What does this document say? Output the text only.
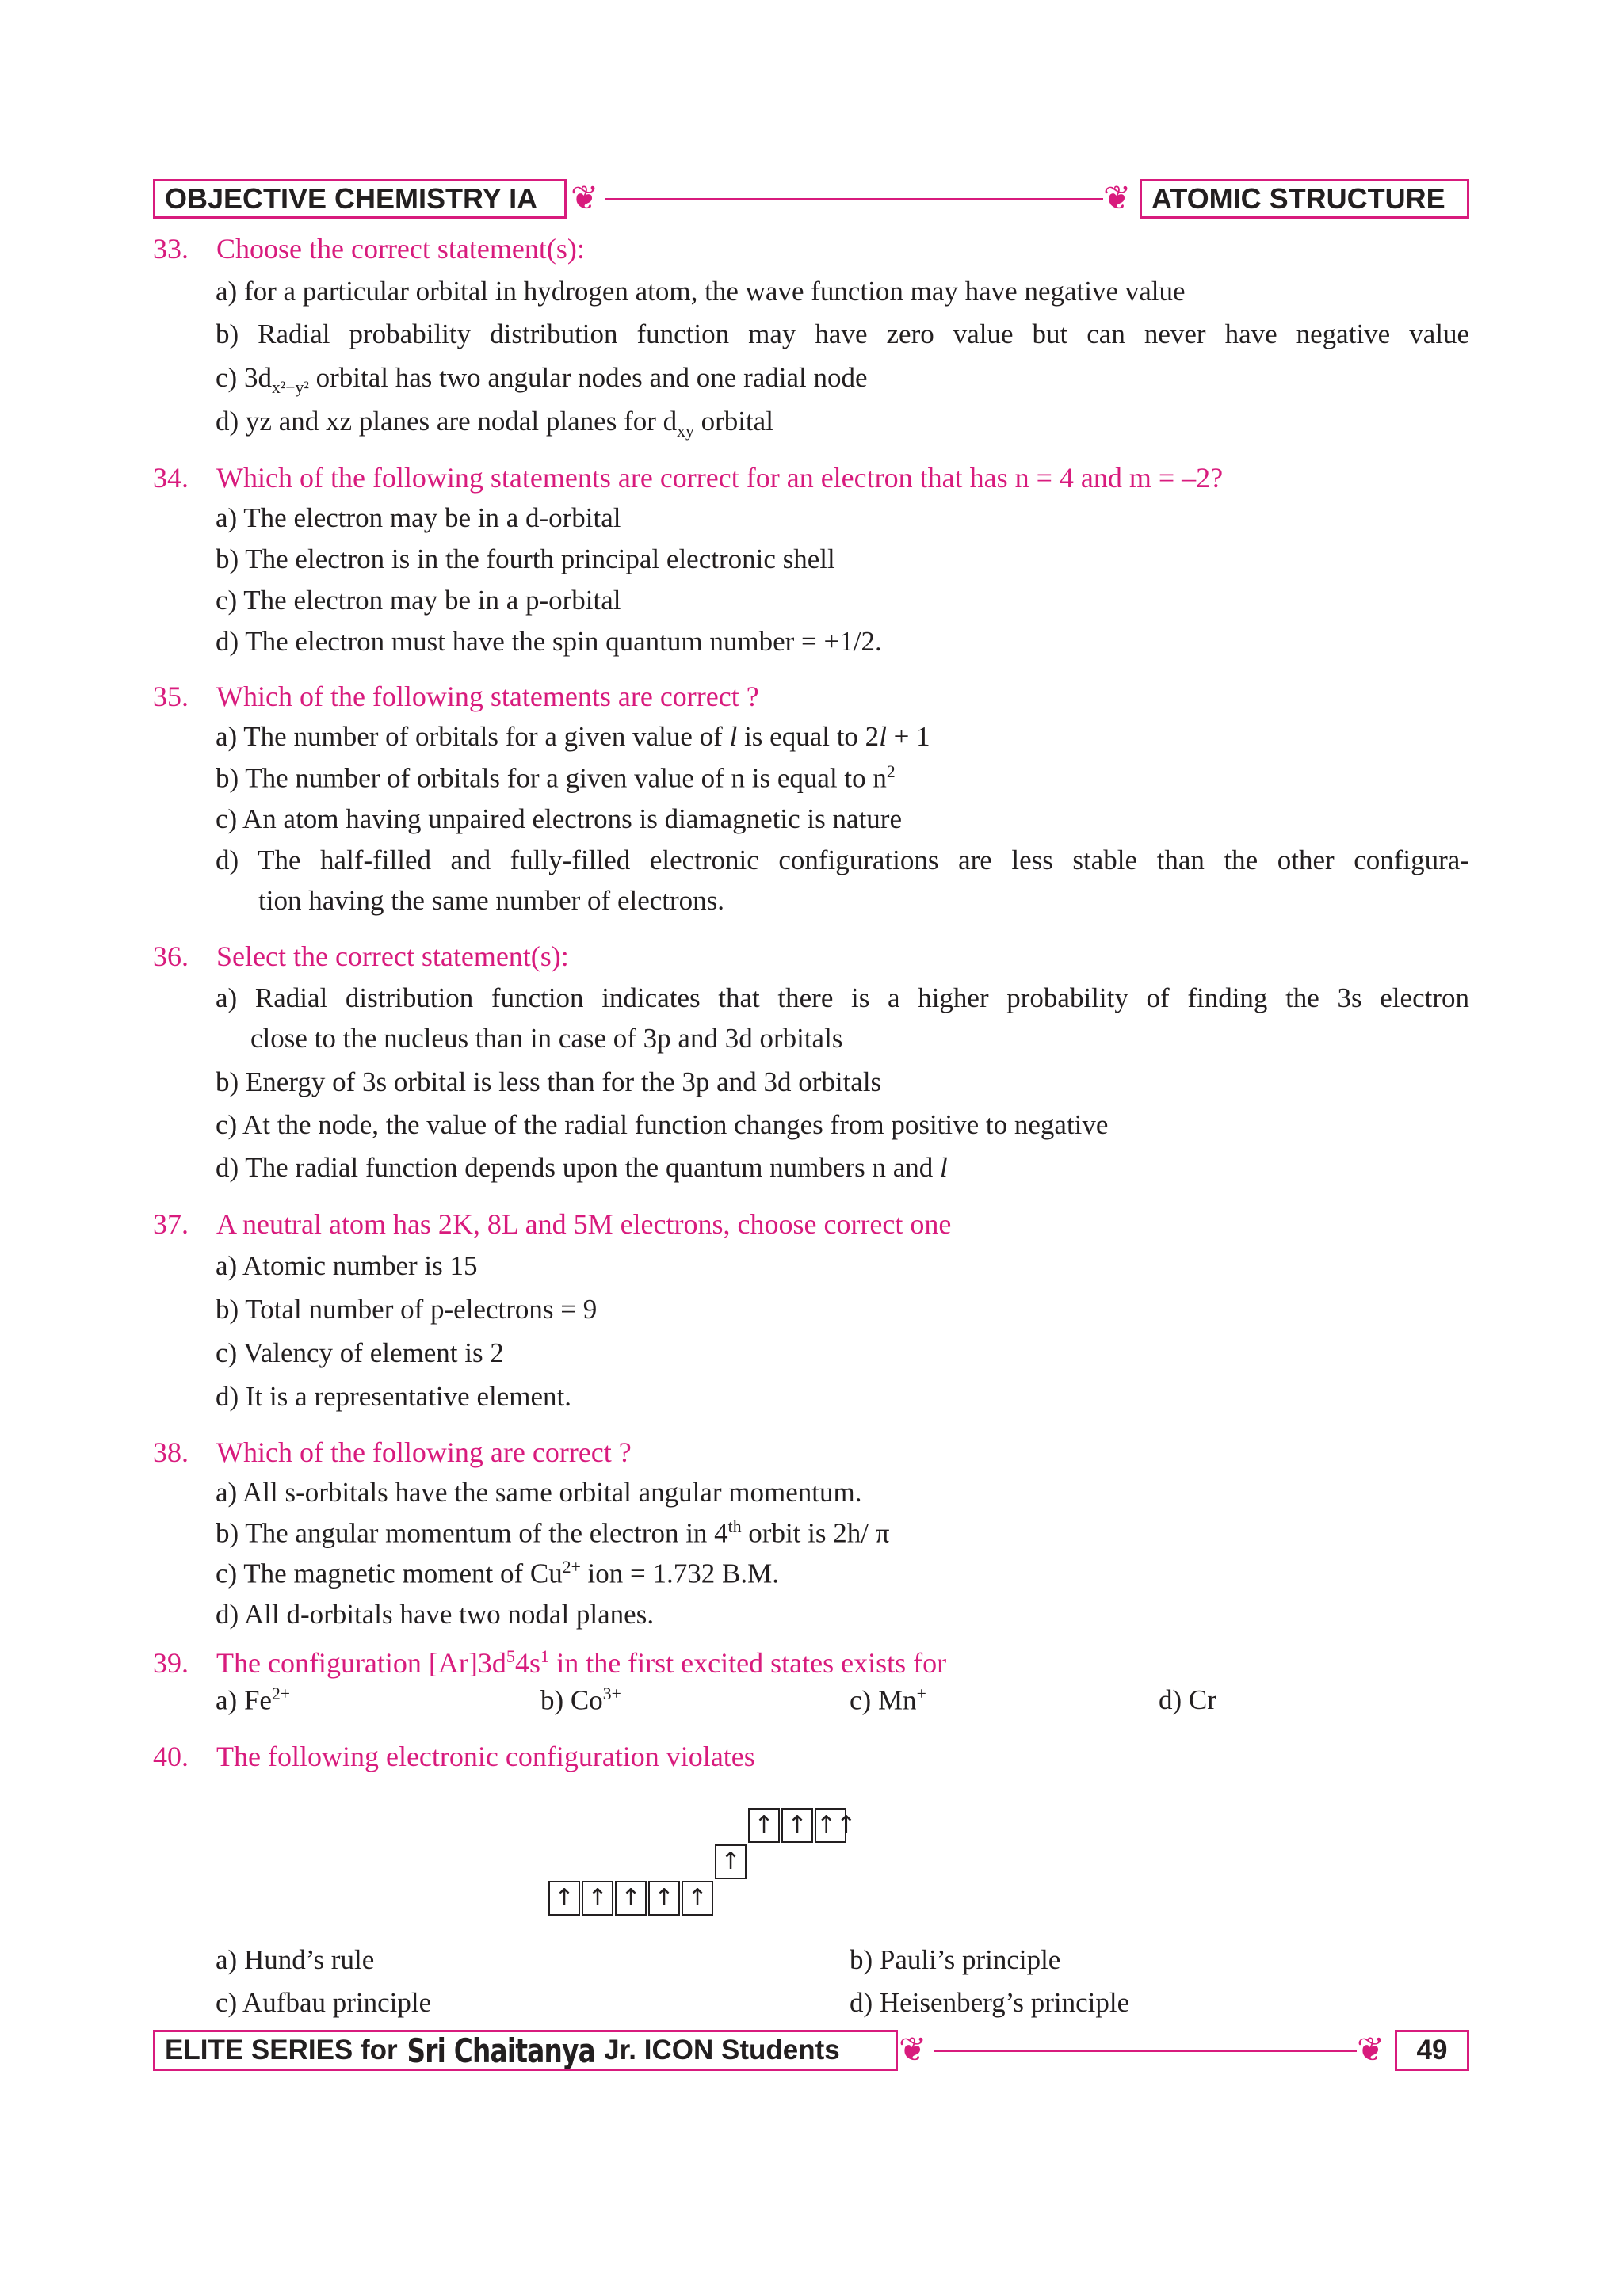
OBJECTIVE CHEMISTRY IA ❦	❦ ATOMIC STRUCTURE
33. Choose the correct statement(s):
a) for a particular orbital in hydrogen atom, the wave function may have negative value
b) Radial probability distribution function may have zero value but can never have negative value
c) $3d_{x^2-y^2}$ orbital has two angular nodes and one radial node
d) yz and xz planes are nodal planes for $d_{xy}$ orbital
34. Which of the following statements are correct for an electron that has n = 4 and m = –2?
a) The electron may be in a d-orbital
b) The electron is in the fourth principal electronic shell
c) The electron may be in a p-orbital
d) The electron must have the spin quantum number = +1/2.
35. Which of the following statements are correct ?
a) The number of orbitals for a given value of l is equal to 2l + 1
b) The number of orbitals for a given value of n is equal to $n^2$
c) An atom having unpaired electrons is diamagnetic is nature
d) The half-filled and fully-filled electronic configurations are less stable than the other configura-
tion having the same number of electrons.
36. Select the correct statement(s):
a) Radial distribution function indicates that there is a higher probability of finding the 3s electron
close to the nucleus than in case of 3p and 3d orbitals
b) Energy of 3s orbital is less than for the 3p and 3d orbitals
c) At the node, the value of the radial function changes from positive to negative
d) The radial function depends upon the quantum numbers n and l
37. A neutral atom has 2K, 8L and 5M electrons, choose correct one
a) Atomic number is 15
b) Total number of p-electrons = 9
c) Valency of element is 2
d) It is a representative element.
38. Which of the following are correct ?
a) All s-orbitals have the same orbital angular momentum.
b) The angular momentum of the electron in 4th orbit is 2h/ π
c) The magnetic moment of $Cu^{2+}$ ion = 1.732 B.M.
d) All d-orbitals have two nodal planes.
39. The configuration $[Ar]3d^54s^1$ in the first excited states exists for
a) $Fe^{2+}$	b) $Co^{3+}$	c) Mn+	d) Cr
40. The following electronic configuration violates
↑ ↑ ↑↑
↑
↑ ↑ ↑ ↑ ↑
a) Hund’s rule	b) Pauli’s principle
c) Aufbau principle	d) Heisenberg’s principle
ELITE SERIES for Sri Chaitanya Jr. ICON Students ❦	❦ 49
